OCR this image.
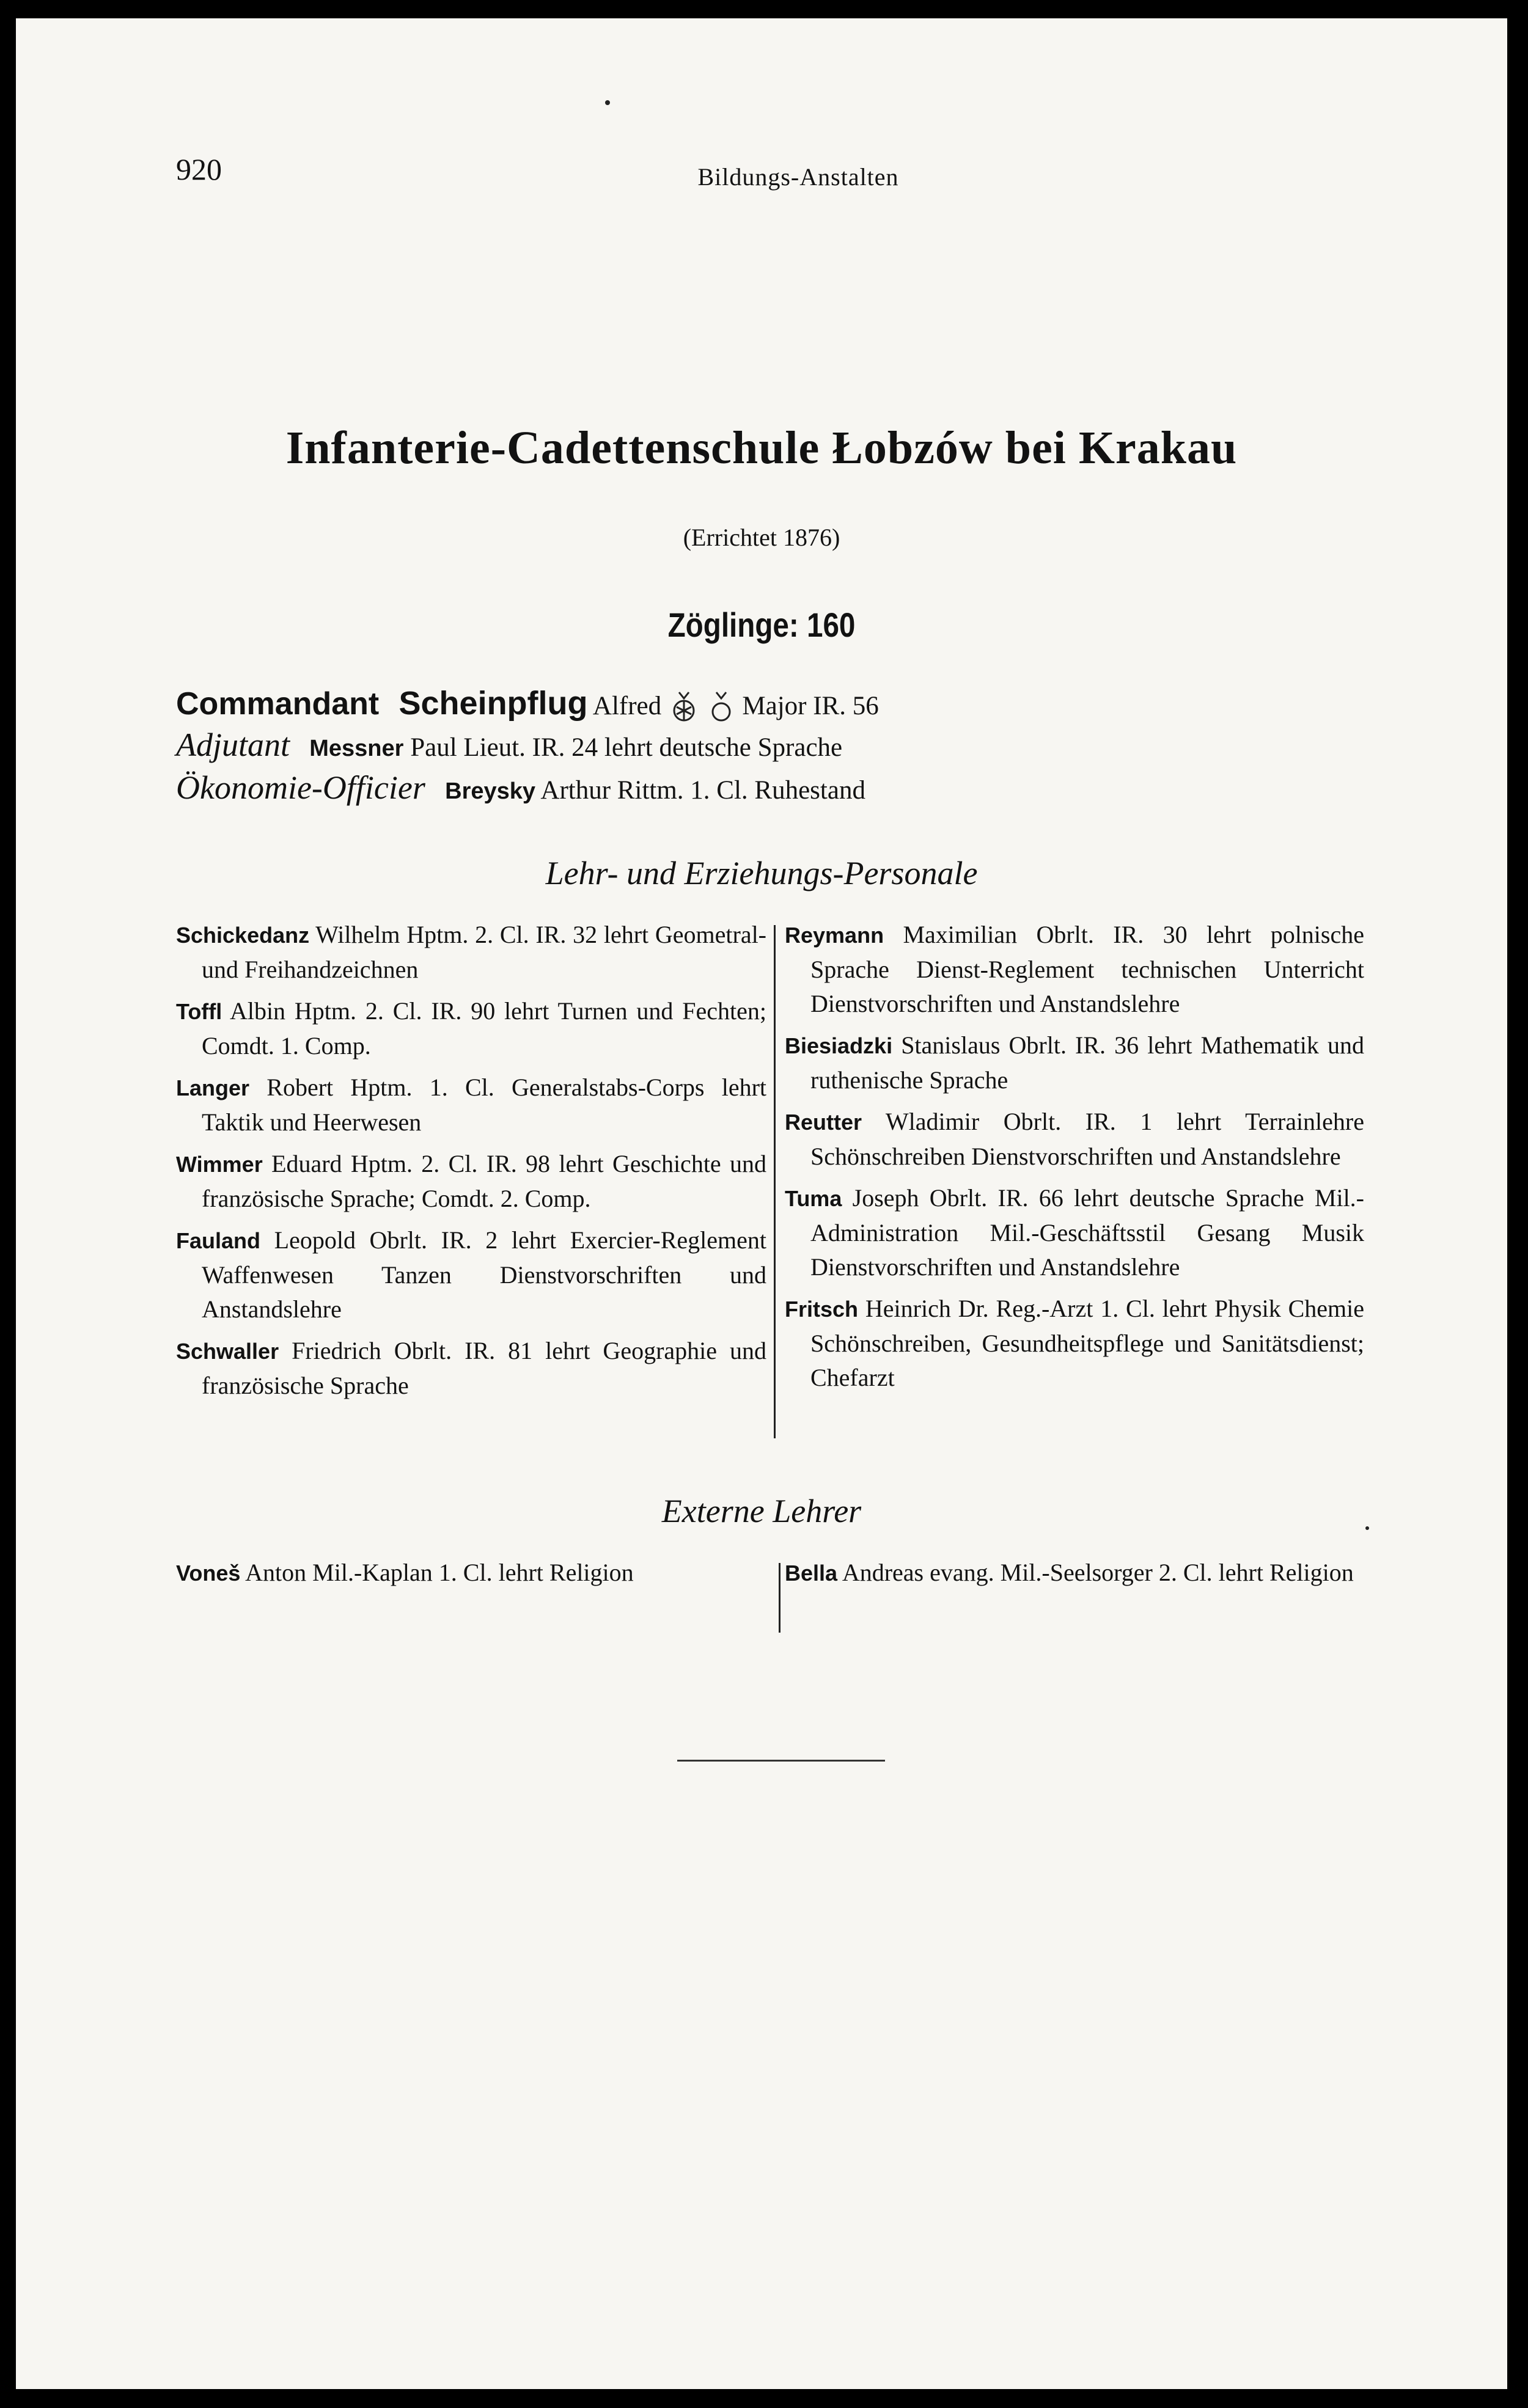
920	Bildungs-Anstalten
Infanterie-Cadettenschule Łobzów bei Krakau
(Errichtet 1876)
Zöglinge: 160
Commandant Scheinpflug Alfred	Major IR. 56
Adjutant Messner Paul Lieut. IR. 24 lehrt deutsche Sprache
Ökonomie-Officier Breysky Arthur Rittm. 1. Cl. Ruhestand
Lehr- und Erziehungs-Personale

Schickedanz Wilhelm Hptm. 2. Cl. IR. 32 lehrt Geometral- und Freihandzeichnen

Toffl Albin Hptm. 2. Cl. IR. 90 lehrt Turnen und Fechten; Comdt. 1. Comp.

Langer Robert Hptm. 1. Cl. Generalstabs-Corps lehrt Taktik und Heerwesen

Wimmer Eduard Hptm. 2. Cl. IR. 98 lehrt Geschichte und französische Sprache; Comdt. 2. Comp.

Fauland Leopold Obrlt. IR. 2 lehrt Exercier-Reglement Waffenwesen Tanzen Dienstvorschriften und Anstandslehre

Schwaller Friedrich Obrlt. IR. 81 lehrt Geographie und französische Sprache

Reymann Maximilian Obrlt. IR. 30 lehrt polnische Sprache Dienst-Reglement technischen Unterricht Dienstvorschriften und Anstandslehre

Biesiadzki Stanislaus Obrlt. IR. 36 lehrt Mathematik und ruthenische Sprache

Reutter Wladimir Obrlt. IR. 1 lehrt Terrainlehre Schönschreiben Dienstvorschriften und Anstandslehre

Tuma Joseph Obrlt. IR. 66 lehrt deutsche Sprache Mil.-Administration Mil.-Geschäftsstil Gesang Musik Dienstvorschriften und Anstandslehre

Fritsch Heinrich Dr. Reg.-Arzt 1. Cl. lehrt Physik Chemie Schönschreiben, Gesundheitspflege und Sanitätsdienst; Chefarzt

Externe Lehrer

Voneš Anton Mil.-Kaplan 1. Cl. lehrt Religion	Bella Andreas evang. Mil.-Seelsorger 2. Cl. lehrt Religion
